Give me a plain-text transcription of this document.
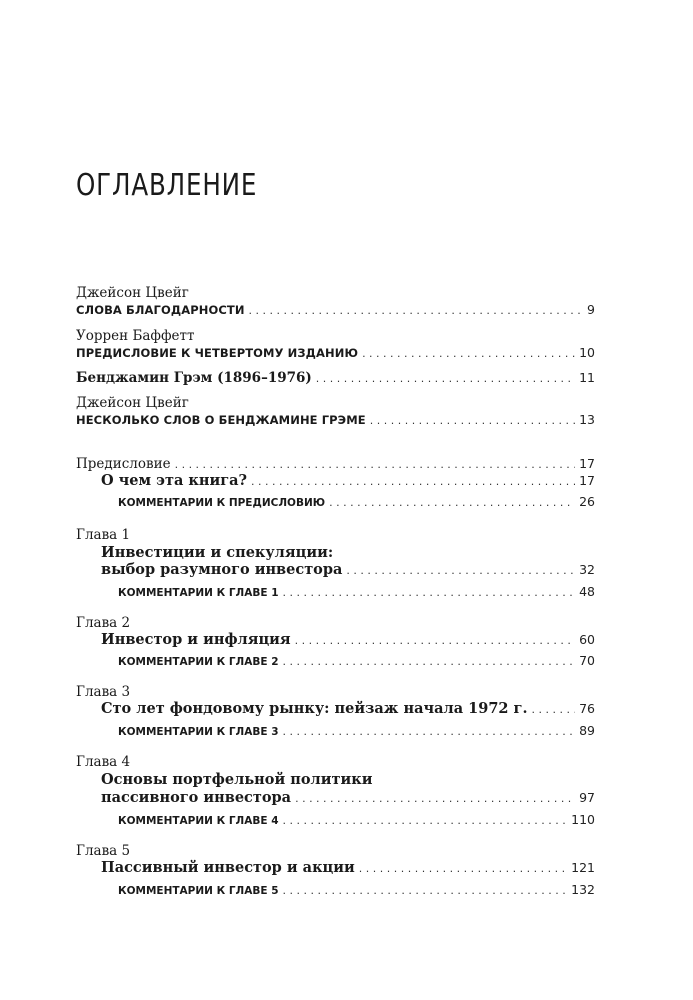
ОГЛАВЛЕНИЕ
Джейсон Цвейг
СЛОВА БЛАГОДАРНОСТИ . . .	9
Уоррен Баффетт
ПРЕДИСЛОВИЕ К ЧЕТВЕРТОМУ ИЗДАНИЮ . . .	10
Бенджамин Грэм (1896–1976) . . .	11
Джейсон Цвейг
НЕСКОЛЬКО СЛОВ О БЕНДЖАМИНЕ ГРЭМЕ . . .	13
Предисловие . . .	17
О чем эта книга? . . .	17
КОММЕНТАРИИ К ПРЕДИСЛОВИЮ . . .	26
Глава 1
Инвестиции и спекуляции:
выбор разумного инвестора . . .	32
КОММЕНТАРИИ К ГЛАВЕ 1 . . .	48
Глава 2
Инвестор и инфляция . . .	60
КОММЕНТАРИИ К ГЛАВЕ 2 . . .	70
Глава 3
Сто лет фондовому рынку: пейзаж начала 1972 г. . . .	76
КОММЕНТАРИИ К ГЛАВЕ 3 . . .	89
Глава 4
Основы портфельной политики
пассивного инвестора . . .	97
КОММЕНТАРИИ К ГЛАВЕ 4 . . .	110
Глава 5
Пассивный инвестор и акции . . .	121
КОММЕНТАРИИ К ГЛАВЕ 5 . . .	132
